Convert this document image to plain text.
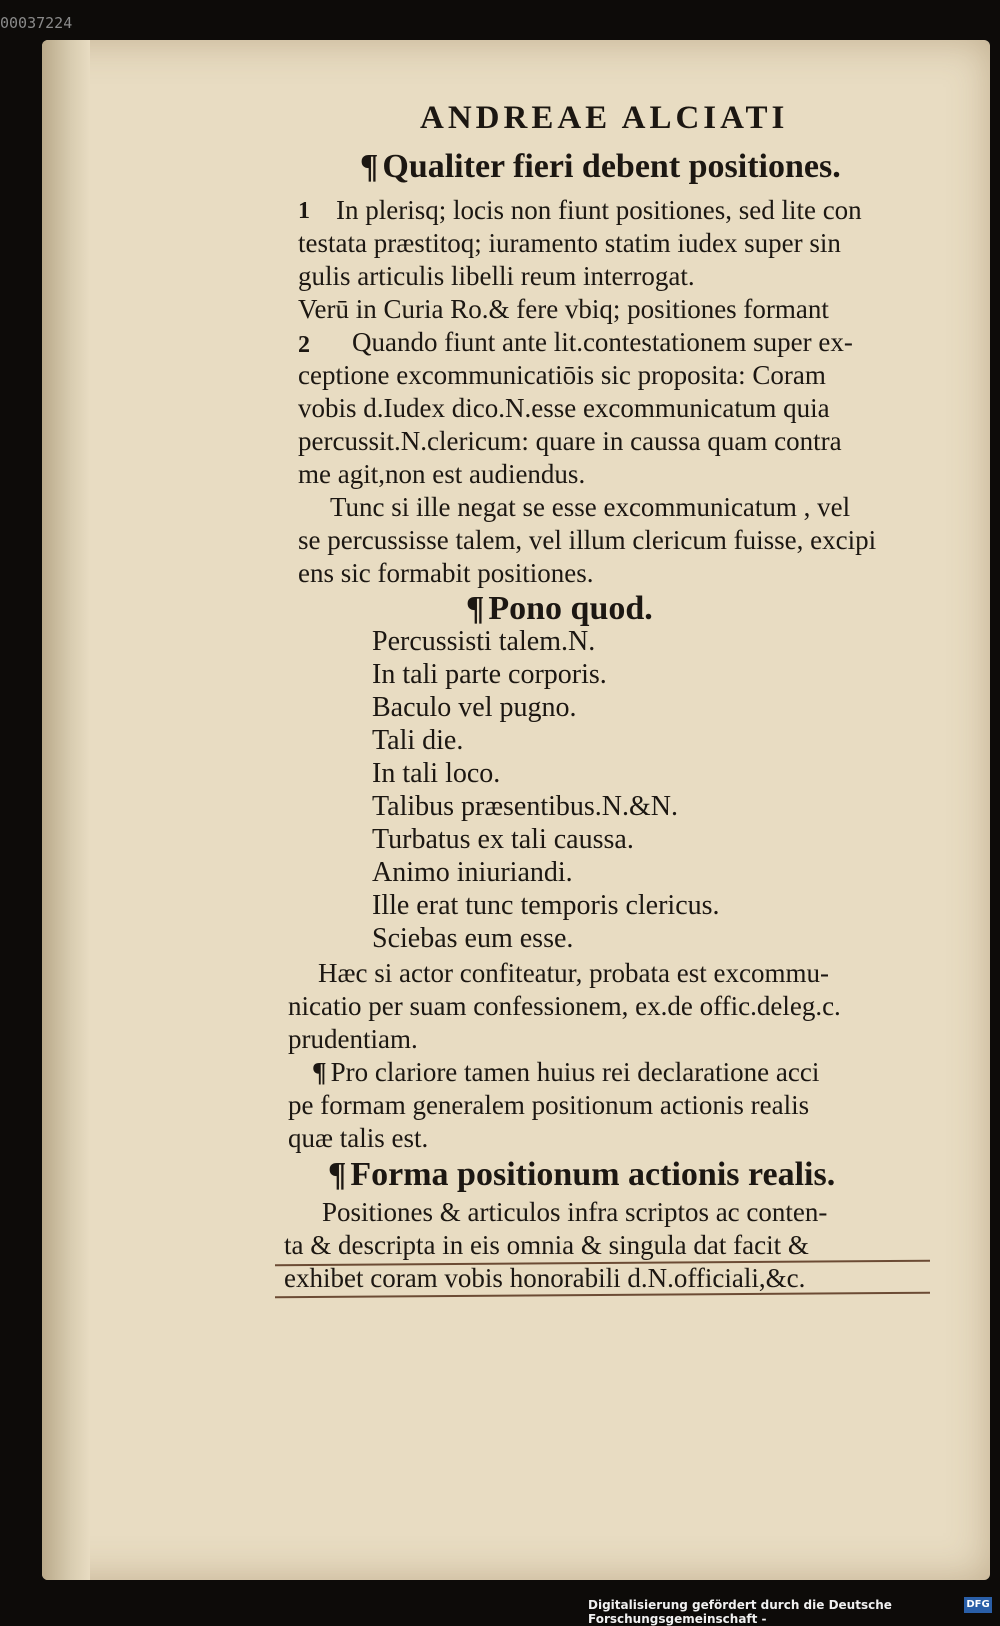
00037224
ANDREAE ALCIATI
¶ Qualiter fieri debent positiones.
1 In plerisq; locis non fiunt positiones, sed lite con
testata præstitoq; iuramento statim iudex super sin
gulis articulis libelli reum interrogat.
Verū in Curia Ro.& fere vbiq; positiones formant
2 Quando fiunt ante lit.contestationem super ex-
ceptione excommunicatiōis sic proposita: Coram
vobis d.Iudex dico.N.esse excommunicatum quia
percussit.N.clericum: quare in caussa quam contra
me agit,non est audiendus.
Tunc si ille negat se esse excommunicatum , vel
se percussisse talem, vel illum clericum fuisse, excipi
ens sic formabit positiones.
¶ Pono quod.
Percussisti talem.N.
In tali parte corporis.
Baculo vel pugno.
Tali die.
In tali loco.
Talibus præsentibus.N.&N.
Turbatus ex tali caussa.
Animo iniuriandi.
Ille erat tunc temporis clericus.
Sciebas eum esse.
Hæc si actor confiteatur, probata est excommu-
nicatio per suam confessionem, ex.de offic.deleg.c.
prudentiam.
¶ Pro clariore tamen huius rei declaratione acci
pe formam generalem positionum actionis realis
quæ talis est.
¶ Forma positionum actionis realis.
Positiones & articulos infra scriptos ac conten-
ta & descripta in eis omnia & singula dat facit &
exhibet coram vobis honorabili d.N.officiali,&c.
Digitalisierung gefördert durch die Deutsche Forschungsgemeinschaft -
DFG
